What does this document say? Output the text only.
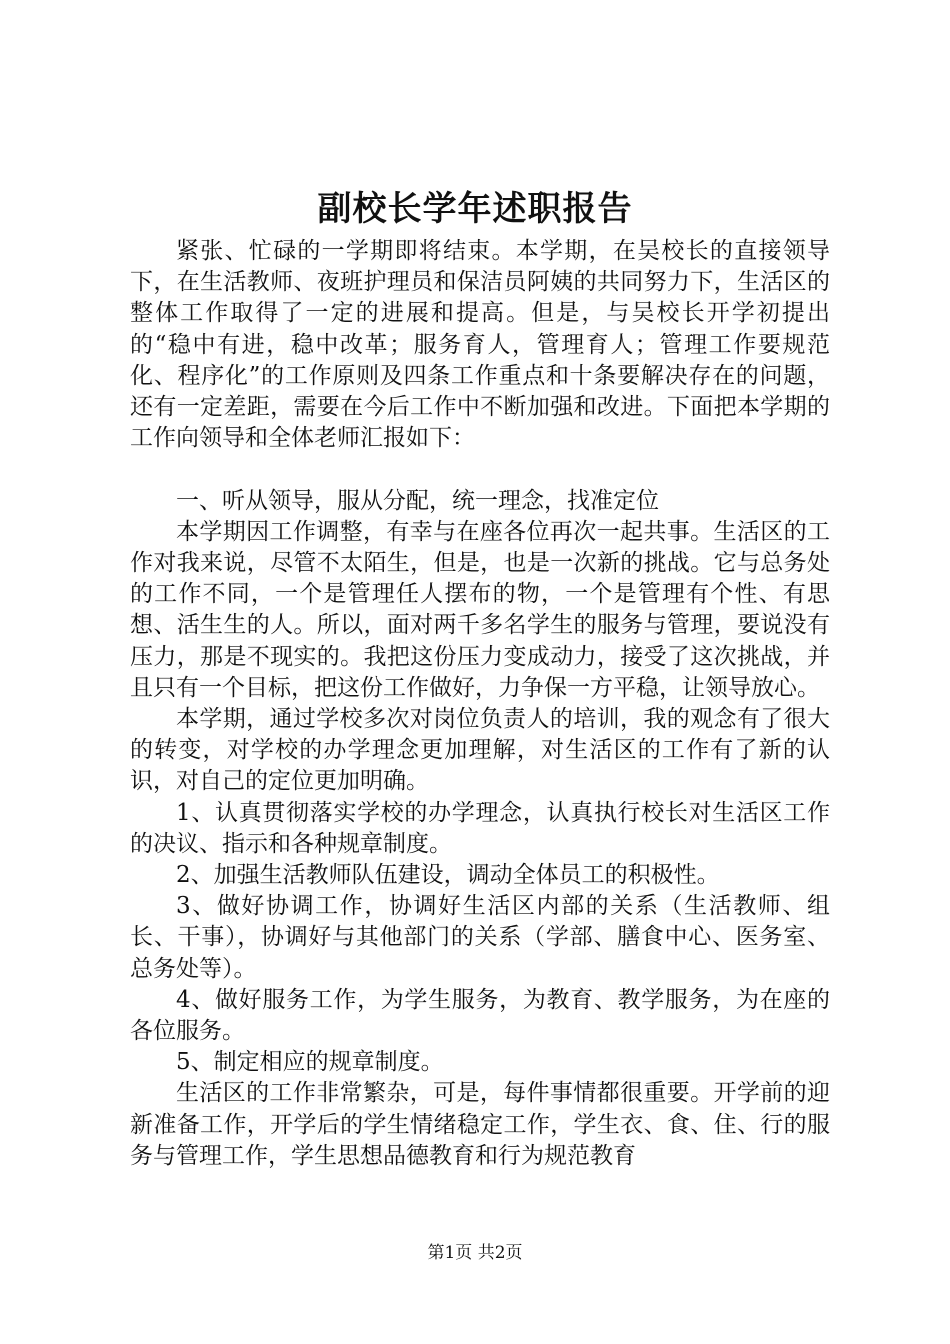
副校长学年述职报告

紧张、忙碌的一学期即将结束。本学期，在吴校长的直接领导下，在生活教师、夜班护理员和保洁员阿姨的共同努力下，生活区的整体工作取得了一定的进展和提高。但是，与吴校长开学初提出的“稳中有进，稳中改革；服务育人，管理育人；管理工作要规范化、程序化”的工作原则及四条工作重点和十条要解决存在的问题，还有一定差距，需要在今后工作中不断加强和改进。下面把本学期的工作向领导和全体老师汇报如下：

一、听从领导，服从分配，统一理念，找准定位

本学期因工作调整，有幸与在座各位再次一起共事。生活区的工作对我来说，尽管不太陌生，但是，也是一次新的挑战。它与总务处的工作不同，一个是管理任人摆布的物，一个是管理有个性、有思想、活生生的人。所以，面对两千多名学生的服务与管理，要说没有压力，那是不现实的。我把这份压力变成动力，接受了这次挑战，并且只有一个目标，把这份工作做好，力争保一方平稳，让领导放心。

本学期，通过学校多次对岗位负责人的培训，我的观念有了很大的转变，对学校的办学理念更加理解，对生活区的工作有了新的认识，对自己的定位更加明确。

1、认真贯彻落实学校的办学理念，认真执行校长对生活区工作的决议、指示和各种规章制度。

2、加强生活教师队伍建设，调动全体员工的积极性。

3、做好协调工作，协调好生活区内部的关系（生活教师、组长、干事），协调好与其他部门的关系（学部、膳食中心、医务室、总务处等）。

4、做好服务工作，为学生服务，为教育、教学服务，为在座的各位服务。

5、制定相应的规章制度。

生活区的工作非常繁杂，可是，每件事情都很重要。开学前的迎新准备工作，开学后的学生情绪稳定工作，学生衣、食、住、行的服务与管理工作，学生思想品德教育和行为规范教育

第1页 共2页
